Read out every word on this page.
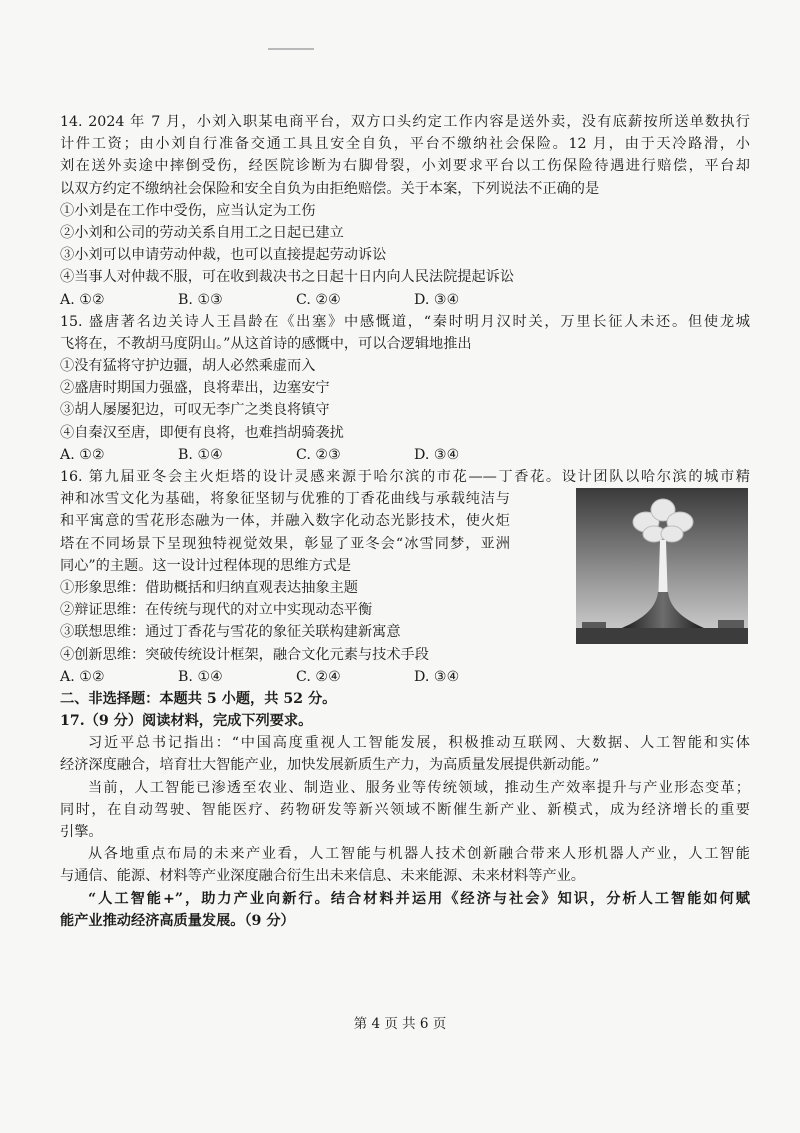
14. 2024 年 7 月，小刘入职某电商平台，双方口头约定工作内容是送外卖，没有底薪按所送单数执行
计件工资；由小刘自行准备交通工具且安全自负，平台不缴纳社会保险。12 月，由于天冷路滑，小
刘在送外卖途中摔倒受伤，经医院诊断为右脚骨裂，小刘要求平台以工伤保险待遇进行赔偿，平台却
以双方约定不缴纳社会保险和安全自负为由拒绝赔偿。关于本案，下列说法不正确的是
①小刘是在工作中受伤，应当认定为工伤
②小刘和公司的劳动关系自用工之日起已建立
③小刘可以申请劳动仲裁，也可以直接提起劳动诉讼
④当事人对仲裁不服，可在收到裁决书之日起十日内向人民法院提起诉讼
A. ①②	B. ①③	C. ②④	D. ③④
15. 盛唐著名边关诗人王昌龄在《出塞》中感慨道，“秦时明月汉时关，万里长征人未还。但使龙城
飞将在，不教胡马度阴山。”从这首诗的感慨中，可以合逻辑地推出
①没有猛将守护边疆，胡人必然乘虚而入
②盛唐时期国力强盛，良将辈出，边塞安宁
③胡人屡屡犯边，可叹无李广之类良将镇守
④自秦汉至唐，即便有良将，也难挡胡骑袭扰
A. ①②	B. ①④	C. ②③	D. ③④
16. 第九届亚冬会主火炬塔的设计灵感来源于哈尔滨的市花——丁香花。设计团队以哈尔滨的城市精
神和冰雪文化为基础，将象征坚韧与优雅的丁香花曲线与承载纯洁与
和平寓意的雪花形态融为一体，并融入数字化动态光影技术，使火炬
塔在不同场景下呈现独特视觉效果，彰显了亚冬会“冰雪同梦，亚洲
同心”的主题。这一设计过程体现的思维方式是
①形象思维：借助概括和归纳直观表达抽象主题
②辩证思维：在传统与现代的对立中实现动态平衡
③联想思维：通过丁香花与雪花的象征关联构建新寓意
④创新思维：突破传统设计框架，融合文化元素与技术手段
A. ①②	B. ①④	C. ②④	D. ③④
二、非选择题：本题共 5 小题，共 52 分。
17.（9 分）阅读材料，完成下列要求。
习近平总书记指出：“中国高度重视人工智能发展，积极推动互联网、大数据、人工智能和实体
经济深度融合，培育壮大智能产业，加快发展新质生产力，为高质量发展提供新动能。”
当前，人工智能已渗透至农业、制造业、服务业等传统领域，推动生产效率提升与产业形态变革；
同时，在自动驾驶、智能医疗、药物研发等新兴领域不断催生新产业、新模式，成为经济增长的重要
引擎。
从各地重点布局的未来产业看，人工智能与机器人技术创新融合带来人形机器人产业，人工智能
与通信、能源、材料等产业深度融合衍生出未来信息、未来能源、未来材料等产业。
“人工智能+”，助力产业向新行。结合材料并运用《经济与社会》知识，分析人工智能如何赋
能产业推动经济高质量发展。（9 分）
第 4 页 共 6 页
